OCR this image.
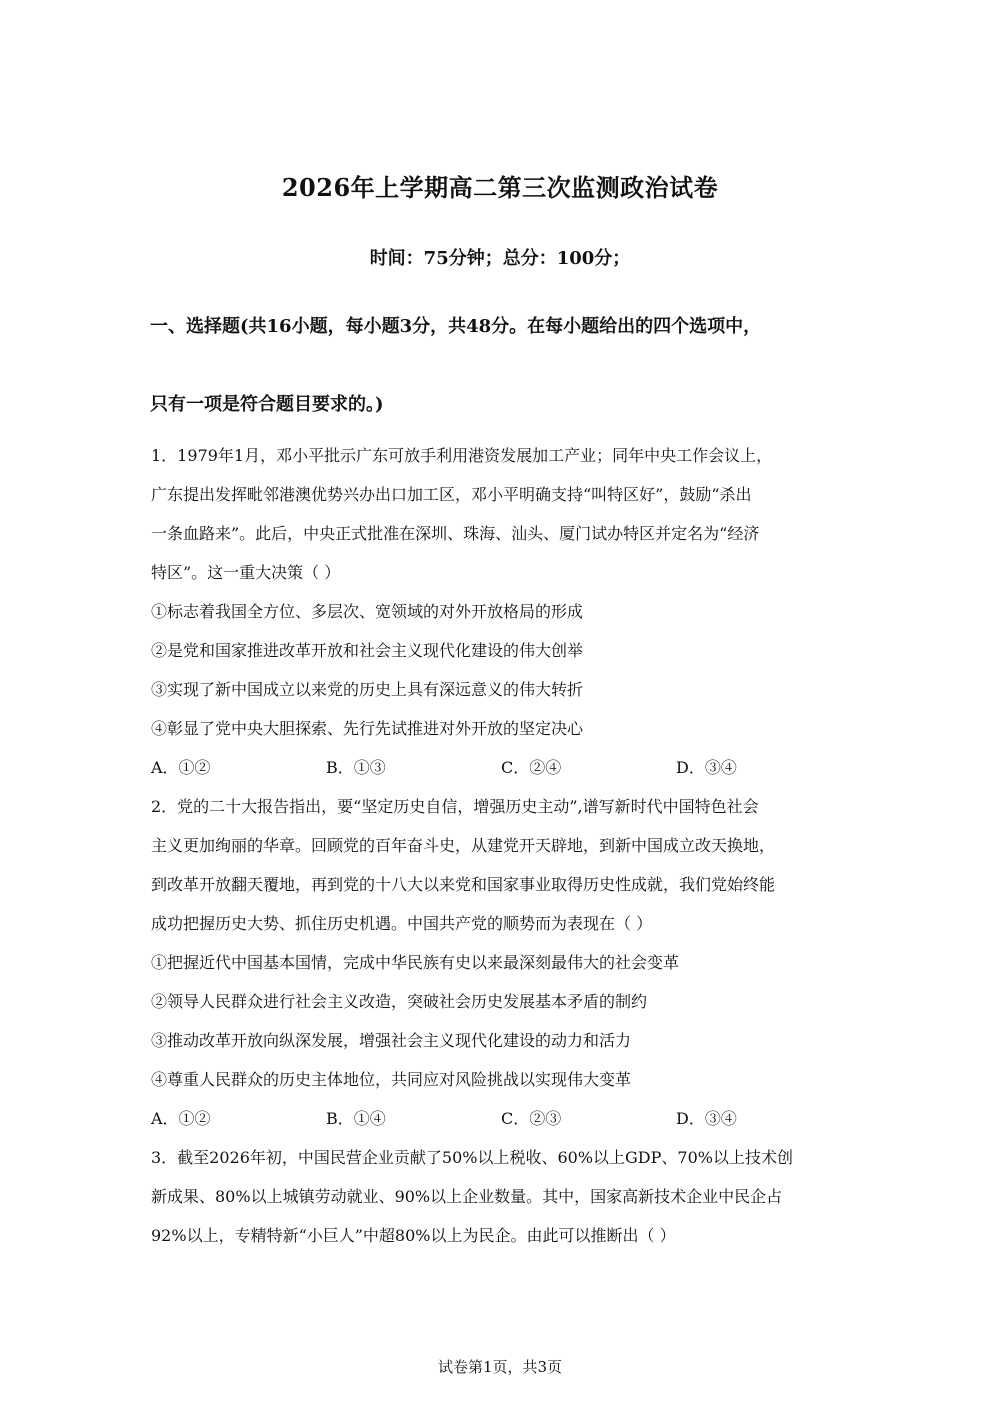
2026年上学期高二第三次监测政治试卷
时间：75分钟；总分：100分；
一、选择题(共16小题，每小题3分，共48分。在每小题给出的四个选项中，
只有一项是符合题目要求的。)
1．1979年1月，邓小平批示广东可放手利用港资发展加工产业；同年中央工作会议上，
广东提出发挥毗邻港澳优势兴办出口加工区，邓小平明确支持“叫特区好”，鼓励“杀出
一条血路来”。此后，中央正式批准在深圳、珠海、汕头、厦门试办特区并定名为“经济
特区”。这一重大决策（ ）
①标志着我国全方位、多层次、宽领域的对外开放格局的形成
②是党和国家推进改革开放和社会主义现代化建设的伟大创举
③实现了新中国成立以来党的历史上具有深远意义的伟大转折
④彰显了党中央大胆探索、先行先试推进对外开放的坚定决心
A．①②	B．①③	C．②④	D．③④
2．党的二十大报告指出，要“坚定历史自信，增强历史主动”,谱写新时代中国特色社会
主义更加绚丽的华章。回顾党的百年奋斗史，从建党开天辟地，到新中国成立改天换地，
到改革开放翻天覆地，再到党的十八大以来党和国家事业取得历史性成就，我们党始终能
成功把握历史大势、抓住历史机遇。中国共产党的顺势而为表现在（ ）
①把握近代中国基本国情，完成中华民族有史以来最深刻最伟大的社会变革
②领导人民群众进行社会主义改造，突破社会历史发展基本矛盾的制约
③推动改革开放向纵深发展，增强社会主义现代化建设的动力和活力
④尊重人民群众的历史主体地位，共同应对风险挑战以实现伟大变革
A．①②	B．①④	C．②③	D．③④
3．截至2026年初，中国民营企业贡献了50%以上税收、60%以上GDP、70%以上技术创
新成果、80%以上城镇劳动就业、90%以上企业数量。其中，国家高新技术企业中民企占
92%以上，专精特新“小巨人”中超80%以上为民企。由此可以推断出（ ）
试卷第1页，共3页
